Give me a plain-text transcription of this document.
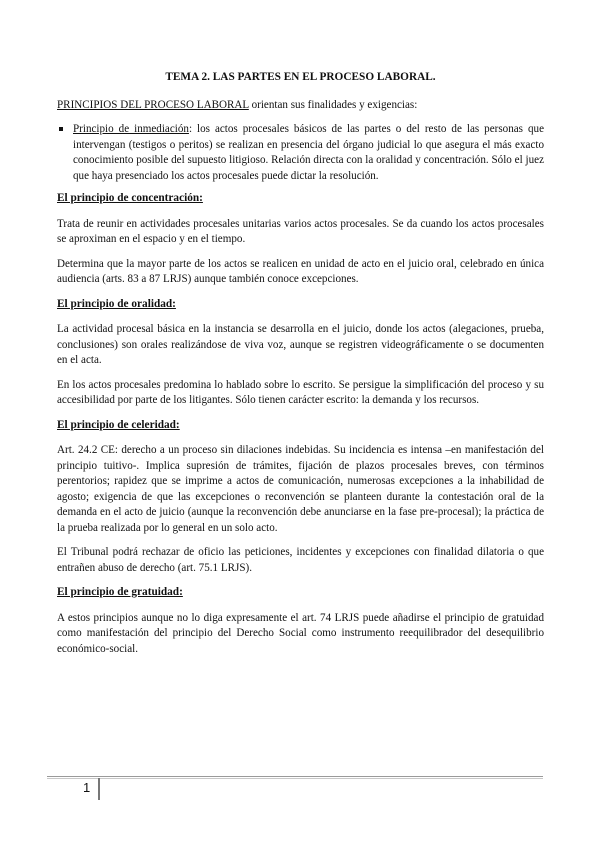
TEMA 2. LAS PARTES EN EL PROCESO LABORAL.
PRINCIPIOS DEL PROCESO LABORAL orientan sus finalidades y exigencias:
Principio de inmediación: los actos procesales básicos de las partes o del resto de las personas que intervengan (testigos o peritos) se realizan en presencia del órgano judicial lo que asegura el más exacto conocimiento posible del supuesto litigioso. Relación directa con la oralidad y concentración. Sólo el juez que haya presenciado los actos procesales puede dictar la resolución.
El principio de concentración:

Trata de reunir en actividades procesales unitarias varios actos procesales. Se da cuando los actos procesales se aproximan en el espacio y en el tiempo.

Determina que la mayor parte de los actos se realicen en unidad de acto en el juicio oral, celebrado en única audiencia (arts. 83 a 87 LRJS) aunque también conoce excepciones.

El principio de oralidad:

La actividad procesal básica en la instancia se desarrolla en el juicio, donde los actos (alegaciones, prueba, conclusiones) son orales realizándose de viva voz, aunque se registren videográficamente o se documenten en el acta.

En los actos procesales predomina lo hablado sobre lo escrito. Se persigue la simplificación del proceso y su accesibilidad por parte de los litigantes. Sólo tienen carácter escrito: la demanda y los recursos.

El principio de celeridad:

Art. 24.2 CE: derecho a un proceso sin dilaciones indebidas. Su incidencia es intensa –en manifestación del principio tuitivo-. Implica supresión de trámites, fijación de plazos procesales breves, con términos perentorios; rapidez que se imprime a actos de comunicación, numerosas excepciones a la inhabilidad de agosto; exigencia de que las excepciones o reconvención se planteen durante la contestación oral de la demanda en el acto de juicio (aunque la reconvención debe anunciarse en la fase pre-procesal); la práctica de la prueba realizada por lo general en un solo acto.

El Tribunal podrá rechazar de oficio las peticiones, incidentes y excepciones con finalidad dilatoria o que entrañen abuso de derecho (art. 75.1 LRJS).

El principio de gratuidad:

A estos principios aunque no lo diga expresamente el art. 74 LRJS puede añadirse el principio de gratuidad como manifestación del principio del Derecho Social como instrumento reequilibrador del desequilibrio económico-social.

1
